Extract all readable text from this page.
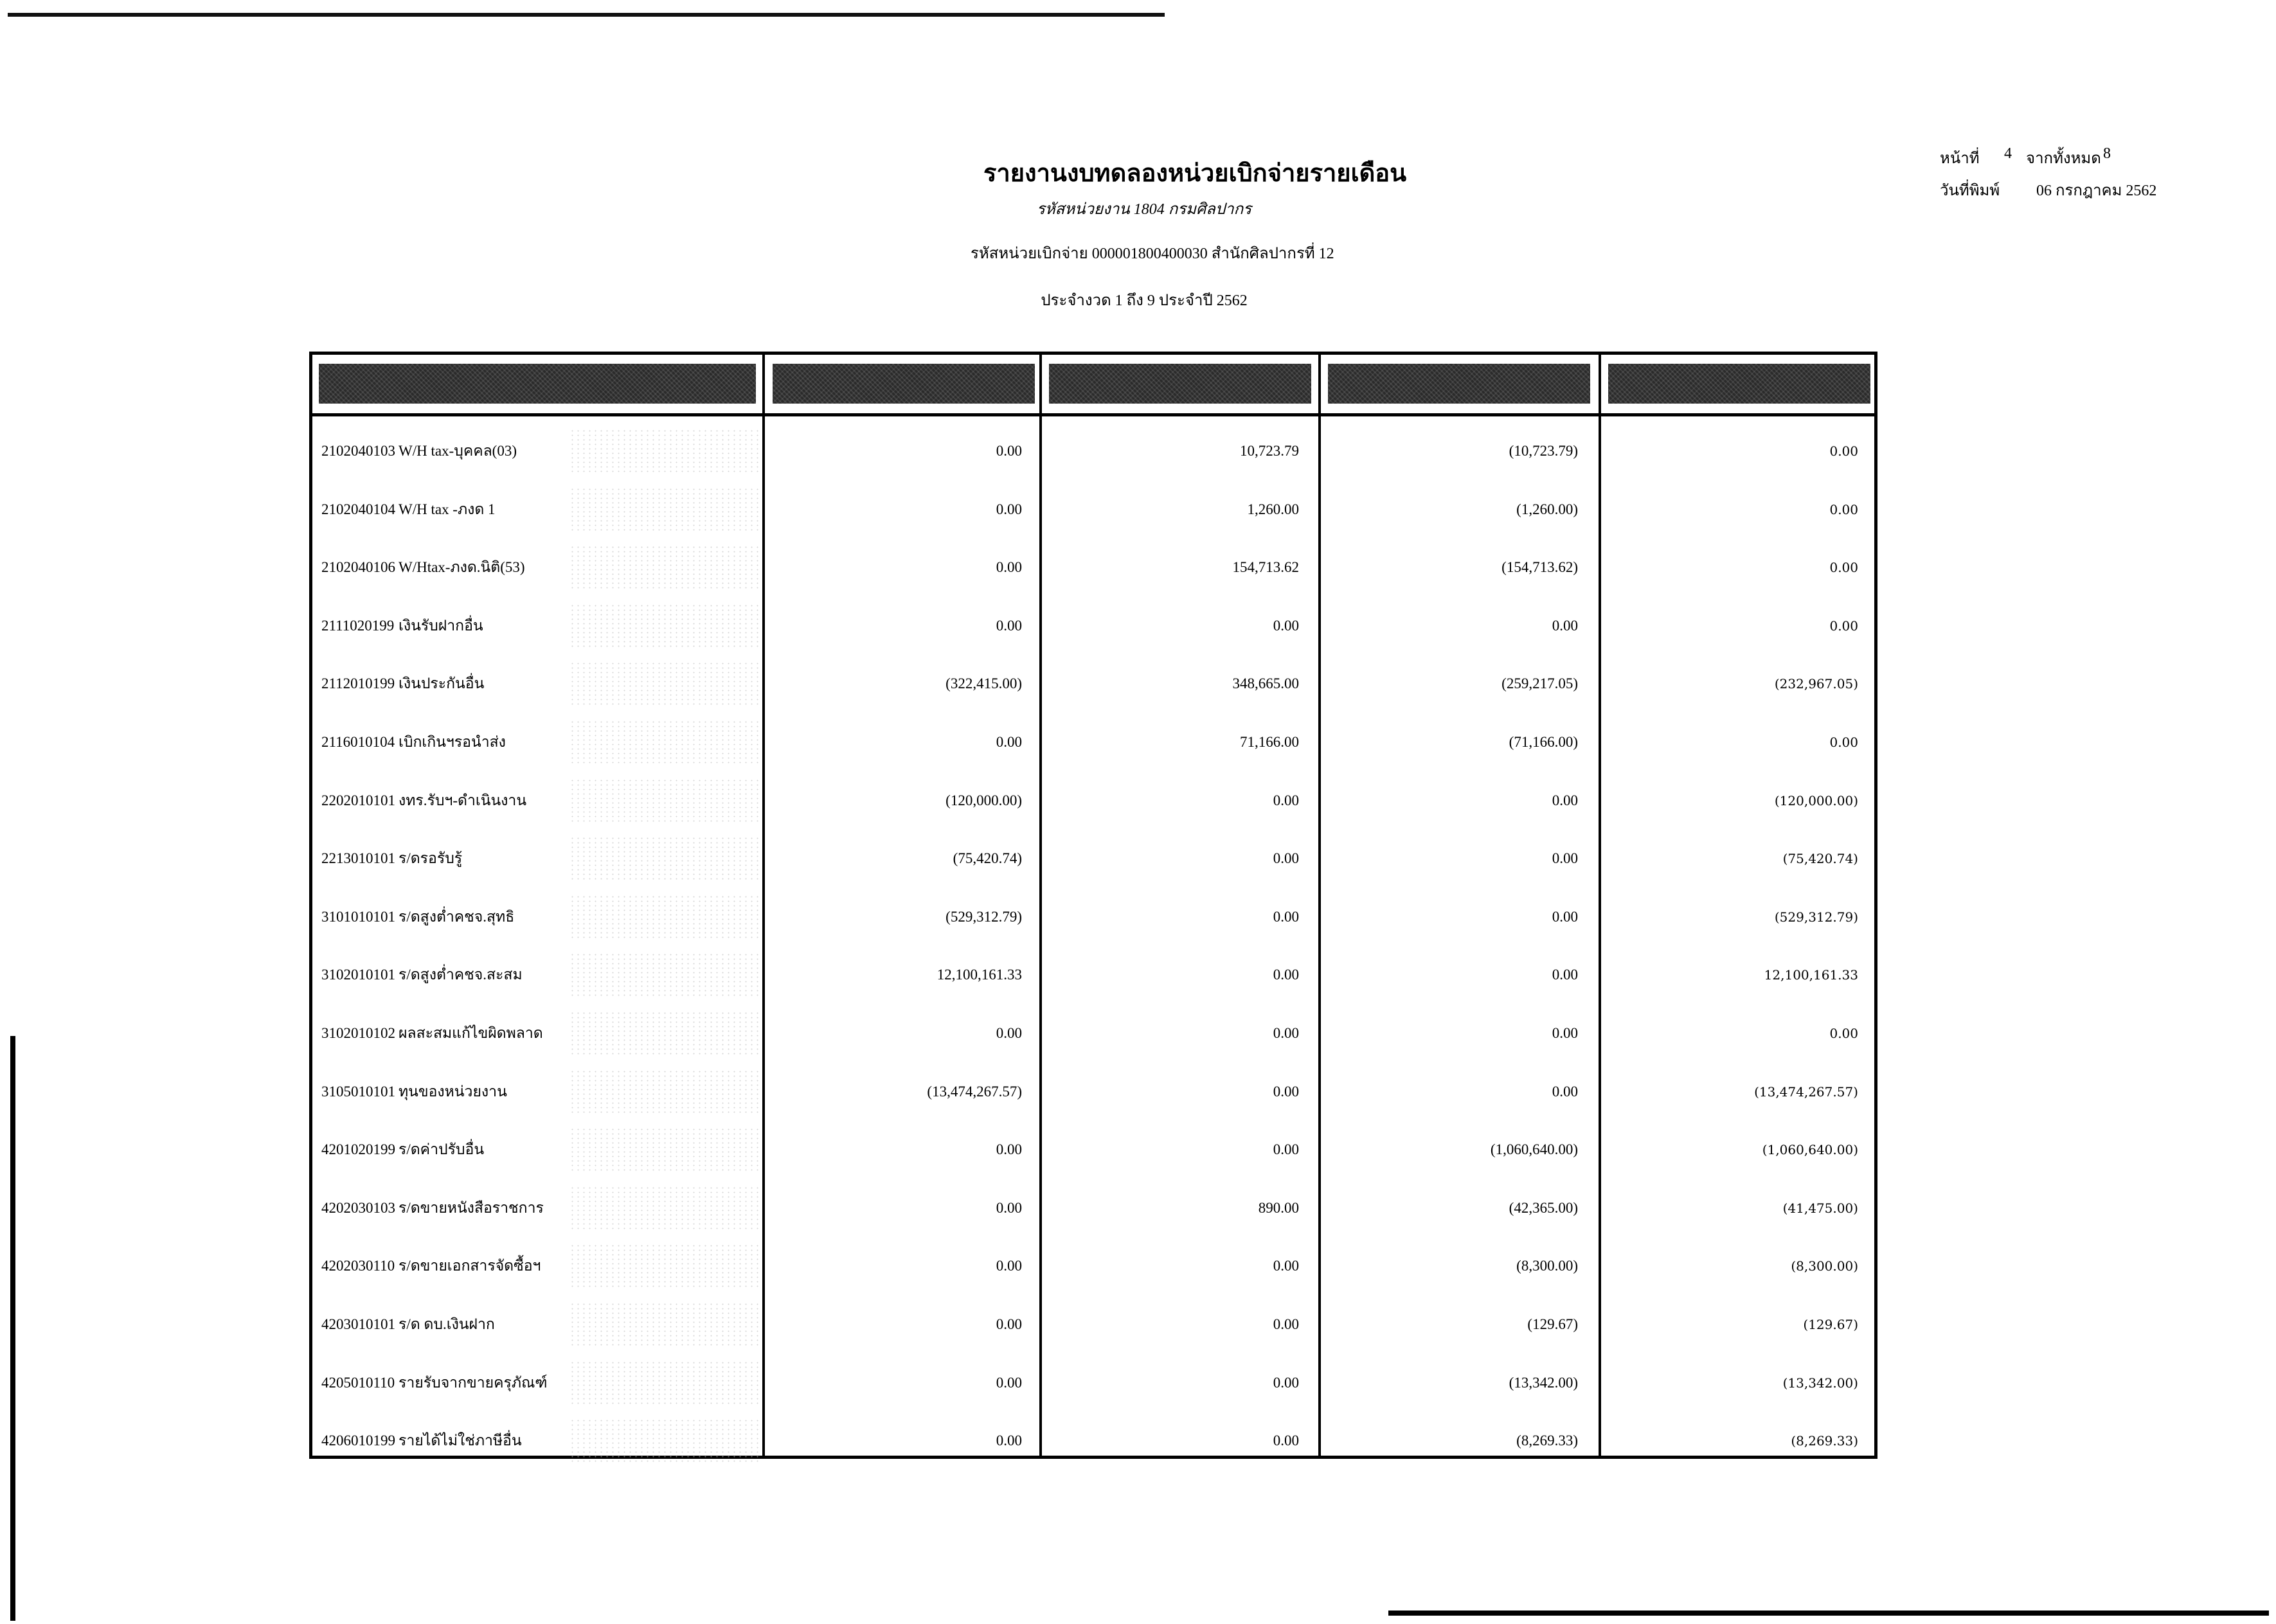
รายงานงบทดลองหน่วยเบิกจ่ายรายเดือน
รหัสหน่วยงาน 1804 กรมศิลปากร
รหัสหน่วยเบิกจ่าย 000001800400030 สำนักศิลปากรที่ 12
ประจำงวด 1 ถึง 9 ประจำปี 2562
หน้าที่ 4 จากทั้งหมด 8
วันที่พิมพ์ 06 กรกฎาคม 2562
2102040103 W/H tax-บุคคล(03)	0.00	10,723.79	(10,723.79)	0.00
2102040104 W/H tax -ภงด 1	0.00	1,260.00	(1,260.00)	0.00
2102040106 W/Htax-ภงด.นิติ(53)	0.00	154,713.62	(154,713.62)	0.00
2111020199 เงินรับฝากอื่น	0.00	0.00	0.00	0.00
2112010199 เงินประกันอื่น	(322,415.00)	348,665.00	(259,217.05)	(232,967.05)
2116010104 เบิกเกินฯรอนำส่ง	0.00	71,166.00	(71,166.00)	0.00
2202010101 งทร.รับฯ-ดำเนินงาน	(120,000.00)	0.00	0.00	(120,000.00)
2213010101 ร/ดรอรับรู้	(75,420.74)	0.00	0.00	(75,420.74)
3101010101 ร/ดสูงต่ำคชจ.สุทธิ	(529,312.79)	0.00	0.00	(529,312.79)
3102010101 ร/ดสูงต่ำคชจ.สะสม	12,100,161.33	0.00	0.00	12,100,161.33
3102010102 ผลสะสมแก้ไขผิดพลาด	0.00	0.00	0.00	0.00
3105010101 ทุนของหน่วยงาน	(13,474,267.57)	0.00	0.00	(13,474,267.57)
4201020199 ร/ดค่าปรับอื่น	0.00	0.00	(1,060,640.00)	(1,060,640.00)
4202030103 ร/ดขายหนังสือราชการ	0.00	890.00	(42,365.00)	(41,475.00)
4202030110 ร/ดขายเอกสารจัดซื้อฯ	0.00	0.00	(8,300.00)	(8,300.00)
4203010101 ร/ด ดบ.เงินฝาก	0.00	0.00	(129.67)	(129.67)
4205010110 รายรับจากขายครุภัณฑ์	0.00	0.00	(13,342.00)	(13,342.00)
4206010199 รายได้ไม่ใช่ภาษีอื่น	0.00	0.00	(8,269.33)	(8,269.33)
